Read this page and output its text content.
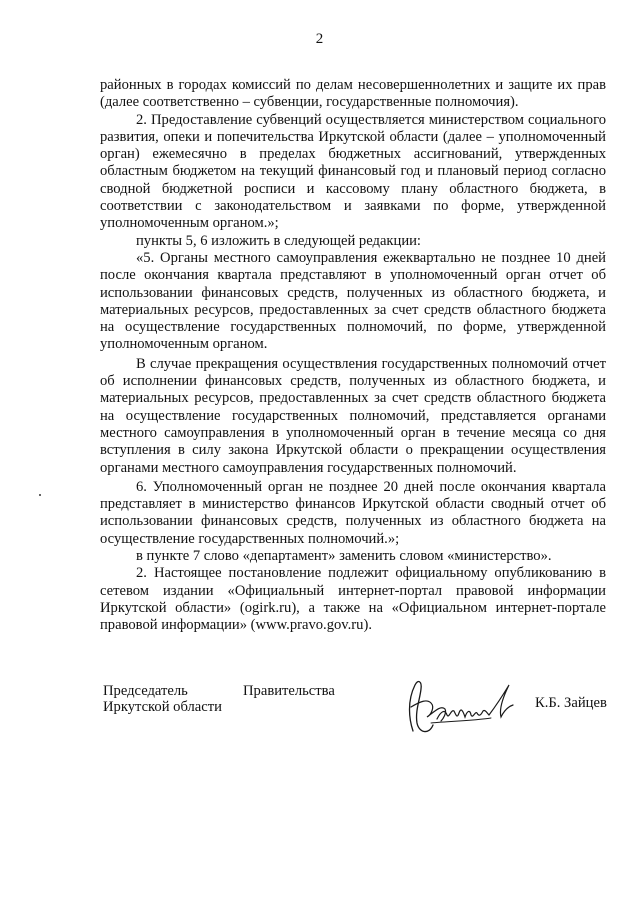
2

районных в городах комиссий по делам несовершеннолетних и защите их прав (далее соответственно – субвенции, государственные полномочия).

2. Предоставление субвенций осуществляется министерством социального развития, опеки и попечительства Иркутской области (далее – уполномоченный орган) ежемесячно в пределах бюджетных ассигнований, утвержденных областным бюджетом на текущий финансовый год и плановый период согласно сводной бюджетной росписи и кассовому плану областного бюджета, в соответствии с законодательством и заявками по форме, утвержденной уполномоченным органом.»;

пункты 5, 6 изложить в следующей редакции:

«5. Органы местного самоуправления ежеквартально не позднее 10 дней после окончания квартала представляют в уполномоченный орган отчет об использовании финансовых средств, полученных из областного бюджета, и материальных ресурсов, предоставленных за счет средств областного бюджета на осуществление государственных полномочий, по форме, утвержденной уполномоченным органом.

В случае прекращения осуществления государственных полномочий отчет об исполнении финансовых средств, полученных из областного бюджета, и материальных ресурсов, предоставленных за счет средств областного бюджета на осуществление государственных полномочий, представляется органами местного самоуправления в уполномоченный орган в течение месяца со дня вступления в силу закона Иркутской области о прекращении осуществления органами местного самоуправления государственных полномочий.

6. Уполномоченный орган не позднее 20 дней после окончания квартала представляет в министерство финансов Иркутской области сводный отчет об использовании финансовых средств, полученных из областного бюджета на осуществление государственных полномочий.»;

в пункте 7 слово «департамент» заменить словом «министерство».

2. Настоящее постановление подлежит официальному опубликованию в сетевом издании «Официальный интернет-портал правовой информации Иркутской области» (ogirk.ru), а также на «Официальном интернет-портале правовой информации» (www.pravo.gov.ru).

Председатель	Правительства
Иркутской области	К.Б. Зайцев
